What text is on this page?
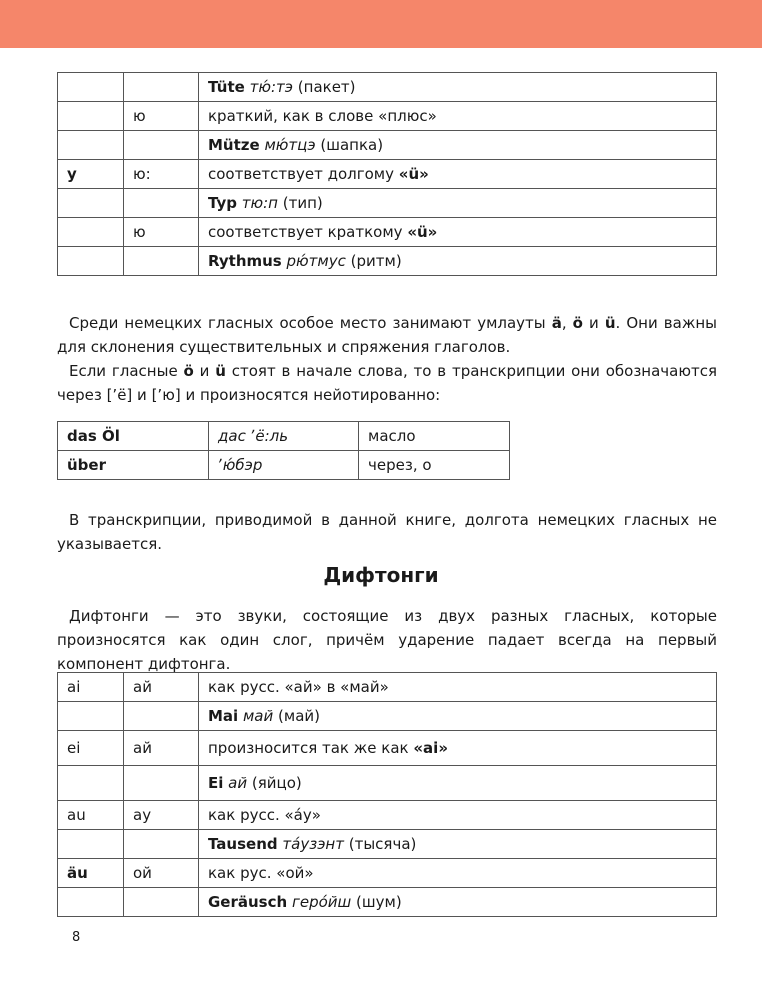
		Tüte тю́:тэ (пакет)
	ю	краткий, как в слове «плюс»
		Mütze мю́тцэ (шапка)
y	ю:	соответствует долгому «ü»
		Typ тю:п (тип)
	ю	соответствует краткому «ü»
		Rythmus рю́тмус (ритм)

Среди немецких гласных особое место занимают умлауты ä, ö и ü. Они важны для склонения существительных и спряжения глаголов.

Если гласные ö и ü стоят в начале слова, то в транскрипции они обозначаются через [ʼё] и [ʼю] и произносятся нейотированно:

das Öl	дас ʼё:ль	масло
über	ʼю́бэр	через, о

В транскрипции, приводимой в данной книге, долгота немецких гласных не указывается.

Дифтонги

Дифтонги — это звуки, состоящие из двух разных гласных, которые произносятся как один слог, причём ударение падает всегда на первый компонент дифтонга.

ai	ай	как русс. «ай» в «май»
		Mai май (май)
ei	ай	произносится так же как «ai»
		Ei ай (яйцо)
au	ау	как русс. «а́у»
		Tausend та́узэнт (тысяча)
äu	ой	как рус. «ой»
		Geräusch геро́йш (шум)
8
